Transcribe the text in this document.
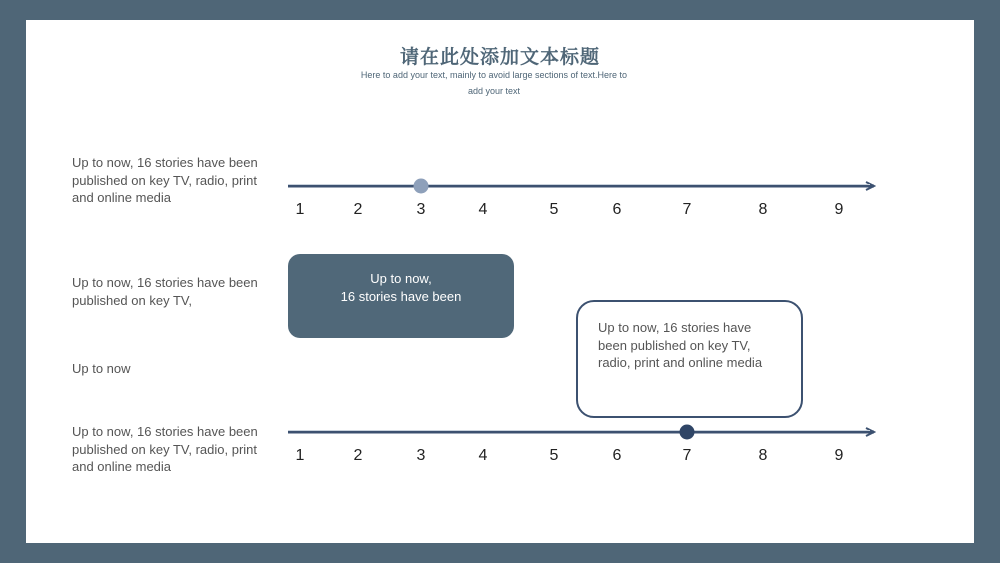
请在此处添加文本标题
Here to add your text, mainly to avoid large sections of text.Here to add your text
Up to now, 16 stories have been published on key TV, radio, print and online media
Up to now, 16 stories have been published on key TV,
Up to now
Up to now, 16 stories have been published on key TV, radio, print and online media
1	2	3	4	5	6	7	8	9
1	2	3	4	5	6	7	8	9
Up to now,
16 stories have been
Up to now, 16 stories have been published on key TV, radio, print and online media
